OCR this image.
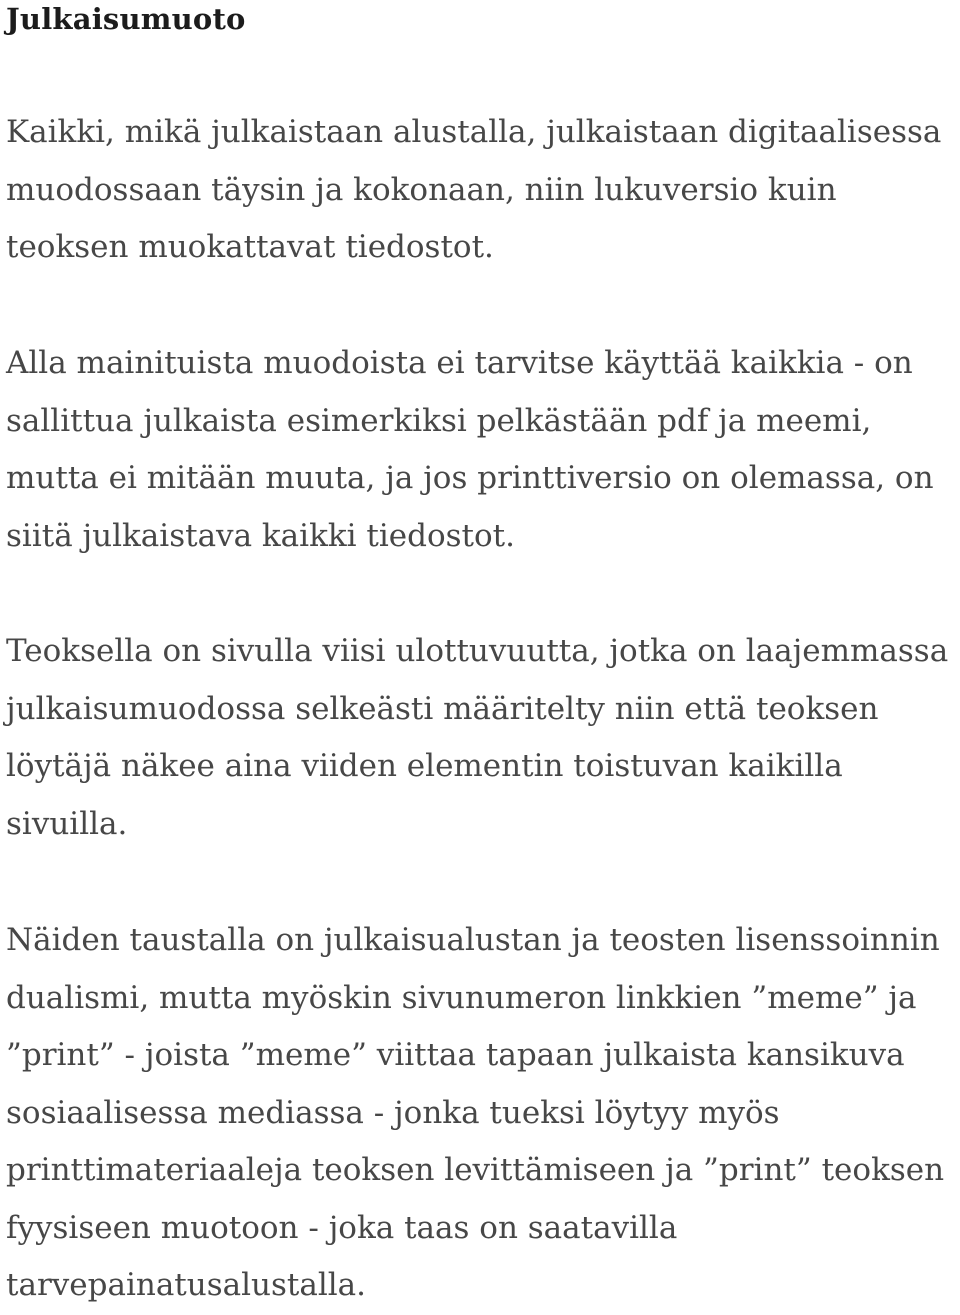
Julkaisumuoto

Kaikki, mikä julkaistaan alustalla, julkaistaan digitaalisessa
muodossaan täysin ja kokonaan, niin lukuversio kuin
teoksen muokattavat tiedostot.

Alla mainituista muodoista ei tarvitse käyttää kaikkia - on
sallittua julkaista esimerkiksi pelkästään pdf ja meemi,
mutta ei mitään muuta, ja jos printtiversio on olemassa, on
siitä julkaistava kaikki tiedostot.

Teoksella on sivulla viisi ulottuvuutta, jotka on laajemmassa
julkaisumuodossa selkeästi määritelty niin että teoksen
löytäjä näkee aina viiden elementin toistuvan kaikilla
sivuilla.

Näiden taustalla on julkaisualustan ja teosten lisenssoinnin
dualismi, mutta myöskin sivunumeron linkkien ”meme” ja
”print” - joista ”meme” viittaa tapaan julkaista kansikuva
sosiaalisessa mediassa - jonka tueksi löytyy myös
printtimateriaaleja teoksen levittämiseen ja ”print” teoksen
fyysiseen muotoon - joka taas on saatavilla
tarvepainatusalustalla.
